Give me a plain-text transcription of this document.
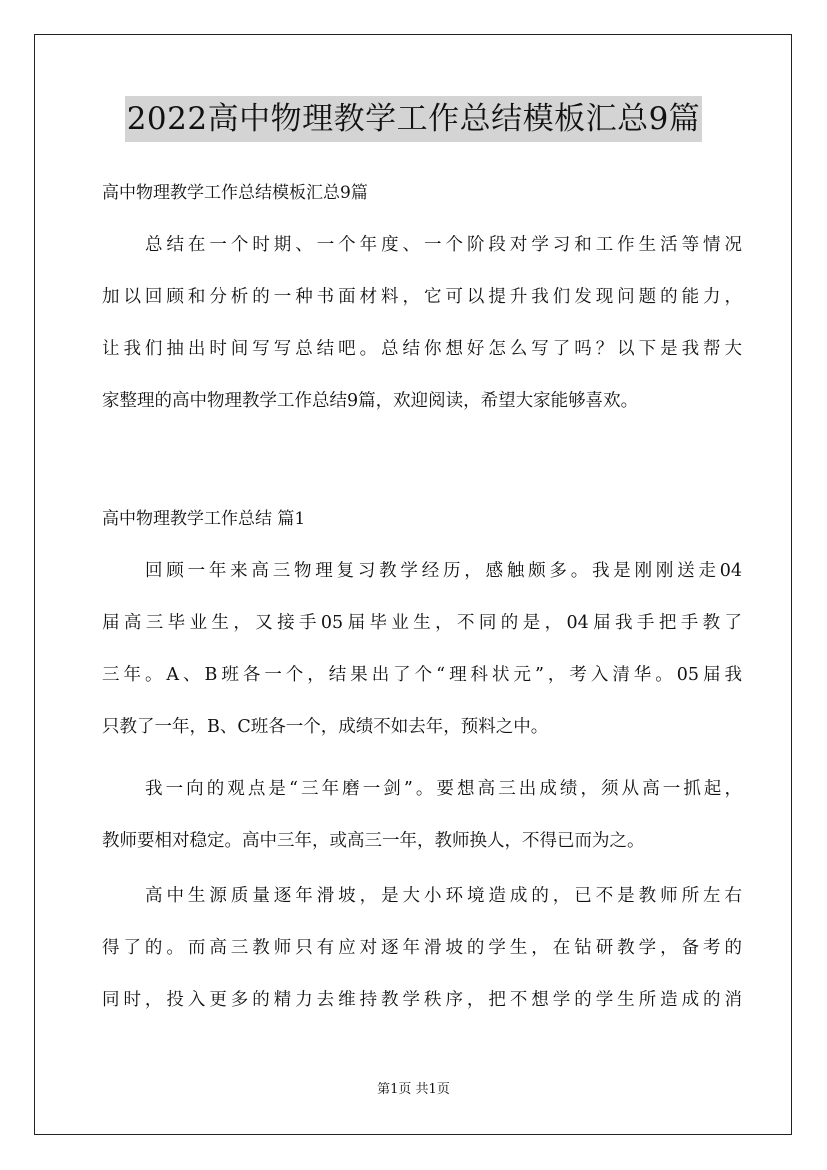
2022高中物理教学工作总结模板汇总9篇
高中物理教学工作总结模板汇总9篇
总结在一个时期、一个年度、一个阶段对学习和工作生活等情况
加以回顾和分析的一种书面材料，它可以提升我们发现问题的能力，
让我们抽出时间写写总结吧。总结你想好怎么写了吗？以下是我帮大
家整理的高中物理教学工作总结9篇，欢迎阅读，希望大家能够喜欢。
高中物理教学工作总结 篇1
回顾一年来高三物理复习教学经历，感触颇多。我是刚刚送走04
届高三毕业生，又接手05届毕业生，不同的是，04届我手把手教了
三年。A、B班各一个，结果出了个“理科状元”，考入清华。05届我
只教了一年，B、C班各一个，成绩不如去年，预料之中。
我一向的观点是“三年磨一剑”。要想高三出成绩，须从高一抓起，
教师要相对稳定。高中三年，或高三一年，教师换人，不得已而为之。
高中生源质量逐年滑坡，是大小环境造成的，已不是教师所左右
得了的。而高三教师只有应对逐年滑坡的学生，在钻研教学，备考的
同时，投入更多的精力去维持教学秩序，把不想学的学生所造成的消
第1页 共1页
